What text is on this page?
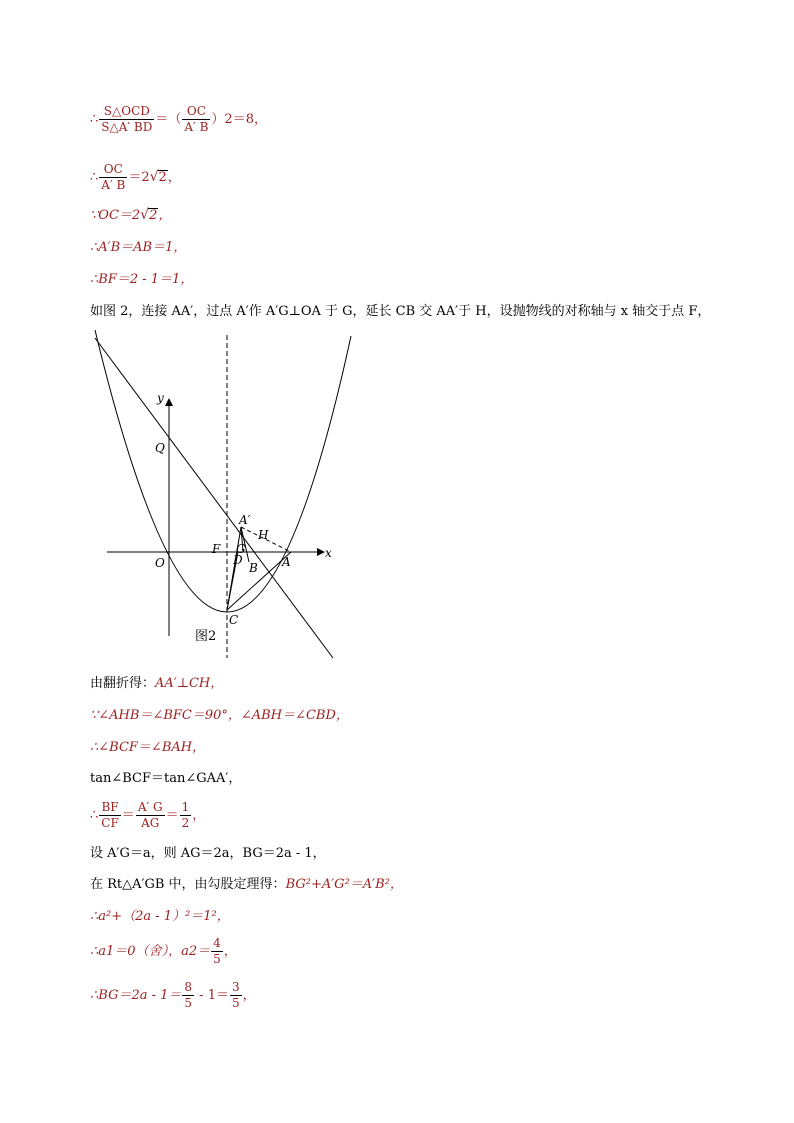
∴ $\frac{\text{S△OCD}}{S\triangle A' BD}$ ＝（ $\frac{OC}{A' B} )2=8$，
∴ $\frac{OC}{A' B} =2√2$，
∵OC＝2√2，
∴A′B＝AB＝1，
∴BF＝2 - 1＝1，
如图 2，连接 AA′，过点 A′作 A′G⊥OA 于 G，延长 CB 交 AA′于 H，设抛物线的对称轴与 x 轴交于点 F，
y
x
Q
A′
H
F G
O	D
B A
C
图2
由翻折得：AA′⊥CH，
∵∠AHB＝∠BFC＝90°，∠ABH＝∠CBD，
∴∠BCF＝∠BAH，
tan∠BCF＝tan∠GAA′，
∴ $\frac{BF}{CF} = \frac{A' G}{AG} = \frac{1}{2}$ ，
设 A′G＝a，则 AG＝2a，BG＝2a - 1，
在 Rt△A′GB 中，由勾股定理得：BG²+A′G²＝A′B²，
∴a²+（2a - 1）²＝1²，
∴a1＝0（舍），$a2= \frac{4}{5}$ ，
∴BG＝2a - $1= \frac{8}{5} - 1= \frac{3}{5}$ ，
